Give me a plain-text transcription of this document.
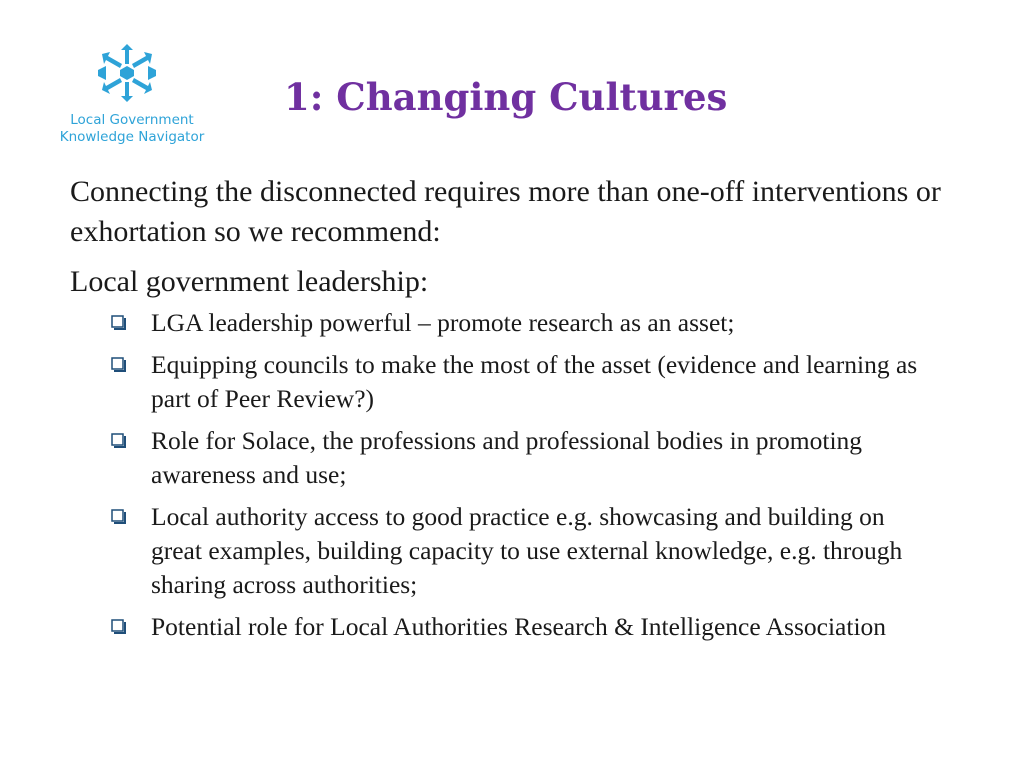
Local Government
Knowledge Navigator
1: Changing Cultures

Connecting the disconnected requires more than one-off interventions or exhortation so we recommend:

Local government leadership:

LGA leadership powerful – promote research as an asset;
Equipping councils to make the most of the asset (evidence and learning as part of Peer Review?)
Role for Solace, the professions and professional bodies in promoting awareness and use;
Local authority access to good practice e.g. showcasing and building on great examples, building capacity to use external knowledge, e.g. through sharing across authorities;
Potential role for Local Authorities Research & Intelligence Association
